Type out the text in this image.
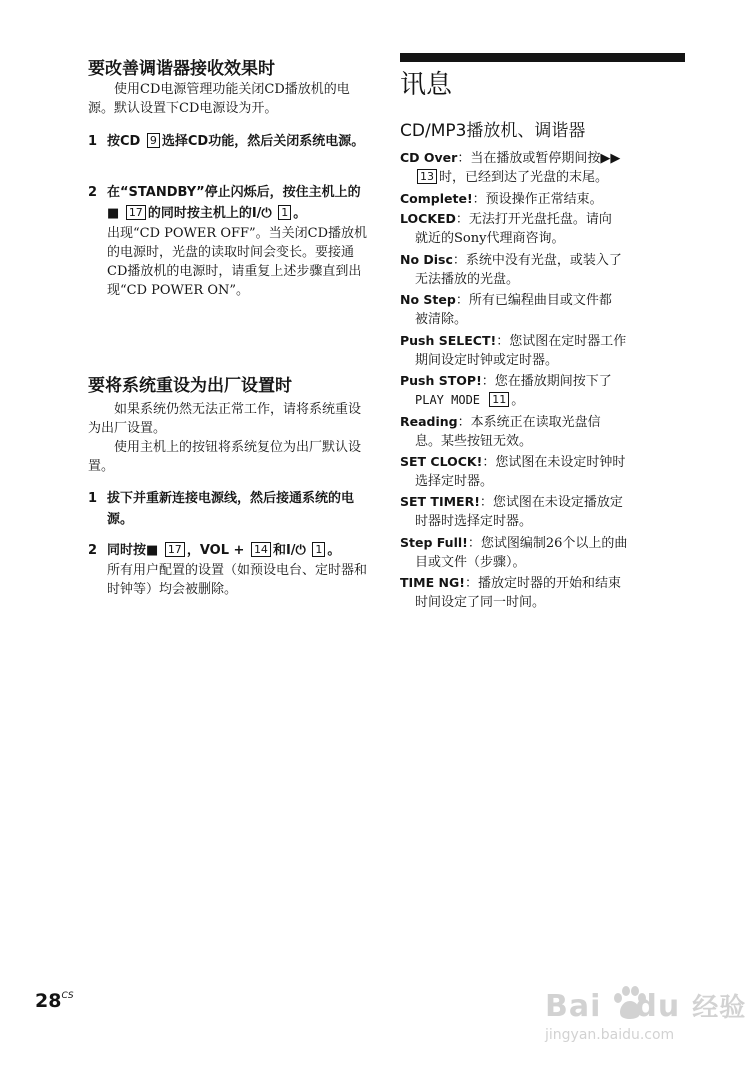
要改善调谐器接收效果时
使用CD电源管理功能关闭CD播放机的电源。默认设置下CD电源设为开。
1 按CD 9 选择CD功能，然后关闭系统电源。
2 在“STANDBY”停止闪烁后，按住主机上的■ 17 的同时按主机上的I/⏻ 1 。
出现“CD POWER OFF”。当关闭CD播放机的电源时，光盘的读取时间会变长。要接通CD播放机的电源时，请重复上述步骤直到出现“CD POWER ON”。
要将系统重设为出厂设置时
如果系统仍然无法正常工作，请将系统重设为出厂设置。
使用主机上的按钮将系统复位为出厂默认设置。
1 拔下并重新连接电源线，然后接通系统的电源。
2 同时按■ 17 ，VOL + 14 和I/⏻ 1 。
所有用户配置的设置（如预设电台、定时器和时钟等）均会被删除。
讯息
CD/MP3播放机、调谐器
CD Over：当在播放或暂停期间按▶▶
13 时，已经到达了光盘的末尾。
Complete!：预设操作正常结束。
LOCKED：无法打开光盘托盘。请向
就近的Sony代理商咨询。
No Disc：系统中没有光盘，或装入了
无法播放的光盘。
No Step：所有已编程曲目或文件都
被清除。
Push SELECT!：您试图在定时器工作
期间设定时钟或定时器。
Push STOP!：您在播放期间按下了
PLAY MODE 11 。
Reading：本系统正在读取光盘信
息。某些按钮无效。
SET CLOCK!：您试图在未设定时钟时
选择定时器。
SET TIMER!：您试图在未设定播放定
时器时选择定时器。
Step Full!：您试图编制26个以上的曲
目或文件（步骤）。
TIME NG!：播放定时器的开始和结束
时间设定了同一时间。
$28^{CS}$	Bai du 经验
jingyan.baidu.com
